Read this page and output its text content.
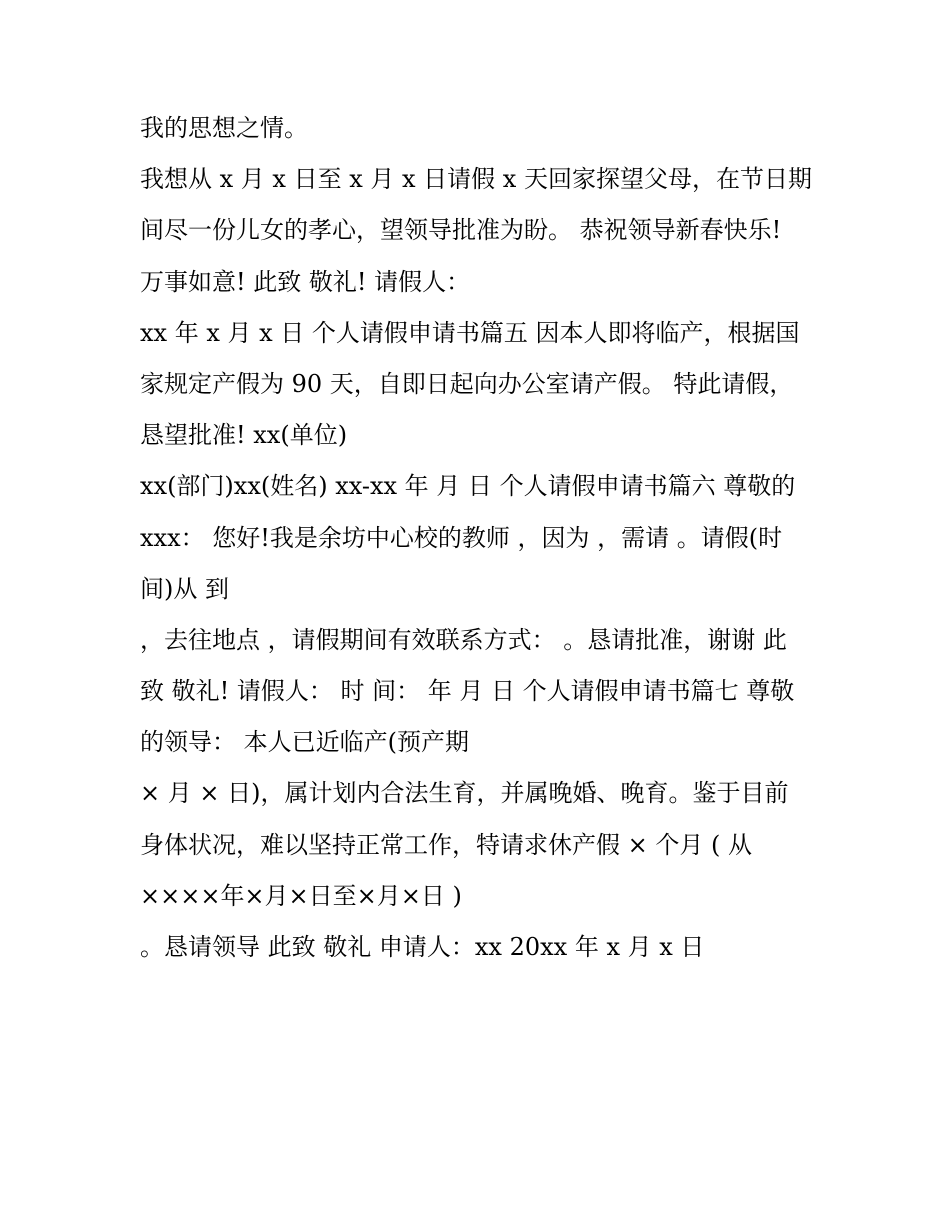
我的思想之情。
我想从 x 月 x 日至 x 月 x 日请假 x 天回家探望父母，在节日期
间尽一份儿女的孝心，望领导批准为盼。 恭祝领导新春快乐!
万事如意! 此致 敬礼! 请假人：
xx 年 x 月 x 日 个人请假申请书篇五 因本人即将临产，根据国
家规定产假为 90 天，自即日起向办公室请产假。 特此请假，
恳望批准! xx(单位)
xx(部门)xx(姓名) xx-xx 年 月 日 个人请假申请书篇六 尊敬的
xxx： 您好!我是余坊中心校的教师 ，因为 ，需请 。请假(时
间)从 到
，去往地点 ，请假期间有效联系方式： 。恳请批准，谢谢 此
致 敬礼! 请假人： 时 间： 年 月 日 个人请假申请书篇七 尊敬
的领导： 本人已近临产(预产期
× 月 × 日)，属计划内合法生育，并属晚婚、晚育。鉴于目前
身体状况，难以坚持正常工作，特请求休产假 × 个月 ( 从
××××年×月×日至×月×日 )
。恳请领导 此致 敬礼 申请人：xx 20xx 年 x 月 x 日
